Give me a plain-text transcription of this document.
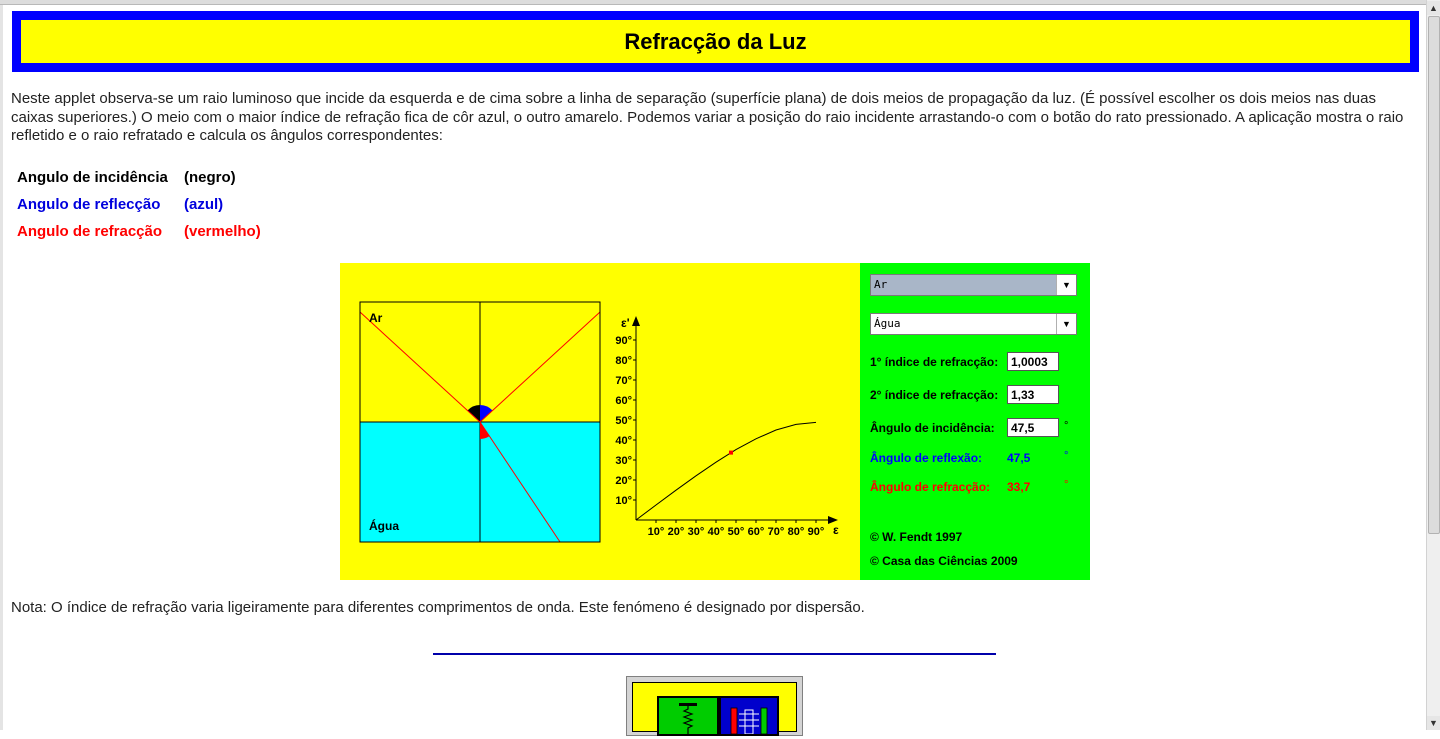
▲
▼
Refracção da Luz
Neste applet observa-se um raio luminoso que incide da esquerda e de cima sobre a linha de separação (superfície plana) de dois meios de propagação da luz. (É possível escolher os dois meios nas duas caixas superiores.) O meio com o maior índice de refração fica de côr azul, o outro amarelo. Podemos variar a posição do raio incidente arrastando-o com o botão do rato pressionado. A aplicação mostra o raio refletido e o raio refratado e calcula os ângulos correspondentes:
Angulo de incidência (negro)
Angulo de reflecção (azul)
Angulo de refracção (vermelho)
Ar
Água
ε'
ε
10°
20°
30°
40°
50°
60°
70°
80°
90°
10° 20° 30° 40° 50° 60° 70° 80° 90°
Ar	▼
Água	▼
1° índice de refracção:
1,0003
2° índice de refracção:
1,33
Ângulo de incidência:
47,5	°
Ângulo de reflexão: 47,5	°
Ângulo de refracção: 33,7	°
© W. Fendt 1997
© Casa das Ciências 2009
Nota: O índice de refração varia ligeiramente para diferentes comprimentos de onda. Este fenómeno é designado por dispersão.
